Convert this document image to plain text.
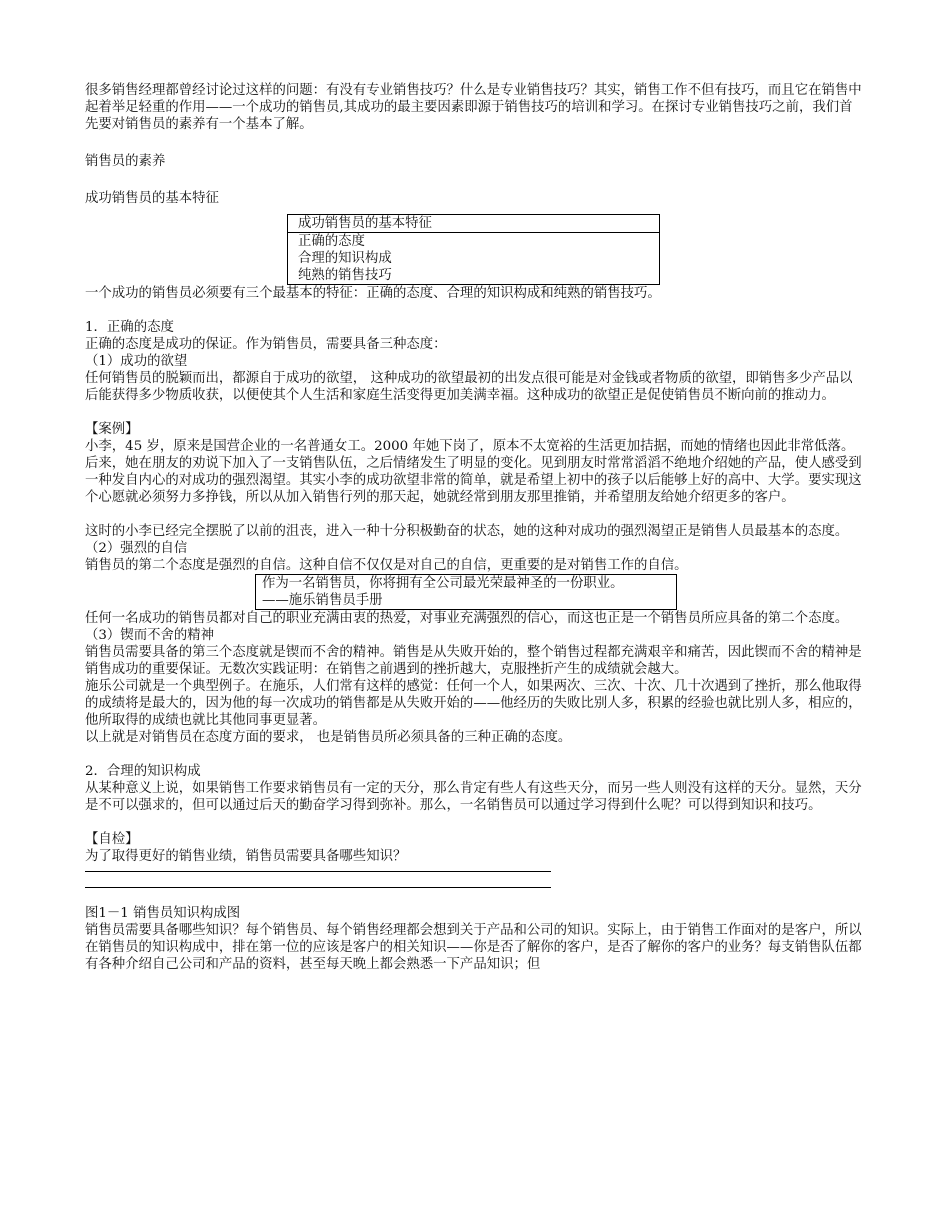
很多销售经理都曾经讨论过这样的问题：有没有专业销售技巧？什么是专业销售技巧？其实，销售工作不但有技巧，而且它在销售中起着举足轻重的作用——一个成功的销售员,其成功的最主要因素即源于销售技巧的培训和学习。在探讨专业销售技巧之前，我们首先要对销售员的素养有一个基本了解。

销售员的素养

成功销售员的基本特征

成功销售员的基本特征
正确的态度
合理的知识构成
纯熟的销售技巧

一个成功的销售员必须要有三个最基本的特征：正确的态度、合理的知识构成和纯熟的销售技巧。

1．正确的态度

正确的态度是成功的保证。作为销售员，需要具备三种态度：

（1）成功的欲望

任何销售员的脱颖而出，都源自于成功的欲望， 这种成功的欲望最初的出发点很可能是对金钱或者物质的欲望，即销售多少产品以后能获得多少物质收获，以便使其个人生活和家庭生活变得更加美满幸福。这种成功的欲望正是促使销售员不断向前的推动力。

【案例】

小李，45 岁，原来是国营企业的一名普通女工。2000 年她下岗了，原本不太宽裕的生活更加拮据，而她的情绪也因此非常低落。后来，她在朋友的劝说下加入了一支销售队伍，之后情绪发生了明显的变化。见到朋友时常常滔滔不绝地介绍她的产品，使人感受到一种发自内心的对成功的强烈渴望。其实小李的成功欲望非常的简单，就是希望上初中的孩子以后能够上好的高中、大学。要实现这个心愿就必须努力多挣钱，所以从加入销售行列的那天起，她就经常到朋友那里推销，并希望朋友给她介绍更多的客户。

这时的小李已经完全摆脱了以前的沮丧，进入一种十分积极勤奋的状态，她的这种对成功的强烈渴望正是销售人员最基本的态度。

（2）强烈的自信

销售员的第二个态度是强烈的自信。这种自信不仅仅是对自己的自信，更重要的是对销售工作的自信。

作为一名销售员，你将拥有全公司最光荣最神圣的一份职业。
——施乐销售员手册

任何一名成功的销售员都对自己的职业充满由衷的热爱，对事业充满强烈的信心，而这也正是一个销售员所应具备的第二个态度。

（3）锲而不舍的精神

销售员需要具备的第三个态度就是锲而不舍的精神。销售是从失败开始的，整个销售过程都充满艰辛和痛苦，因此锲而不舍的精神是销售成功的重要保证。无数次实践证明：在销售之前遇到的挫折越大，克服挫折产生的成绩就会越大。

施乐公司就是一个典型例子。在施乐，人们常有这样的感觉：任何一个人，如果两次、三次、十次、几十次遇到了挫折，那么他取得的成绩将是最大的，因为他的每一次成功的销售都是从失败开始的——他经历的失败比别人多，积累的经验也就比别人多，相应的，他所取得的成绩也就比其他同事更显著。

以上就是对销售员在态度方面的要求， 也是销售员所必须具备的三种正确的态度。

2．合理的知识构成

从某种意义上说，如果销售工作要求销售员有一定的天分，那么肯定有些人有这些天分，而另一些人则没有这样的天分。显然，天分是不可以强求的，但可以通过后天的勤奋学习得到弥补。那么，一名销售员可以通过学习得到什么呢？可以得到知识和技巧。

【自检】

为了取得更好的销售业绩，销售员需要具备哪些知识？

图1－1 销售员知识构成图

销售员需要具备哪些知识？每个销售员、每个销售经理都会想到关于产品和公司的知识。实际上，由于销售工作面对的是客户，所以在销售员的知识构成中，排在第一位的应该是客户的相关知识——你是否了解你的客户，是否了解你的客户的业务？每支销售队伍都有各种介绍自己公司和产品的资料，甚至每天晚上都会熟悉一下产品知识；但
